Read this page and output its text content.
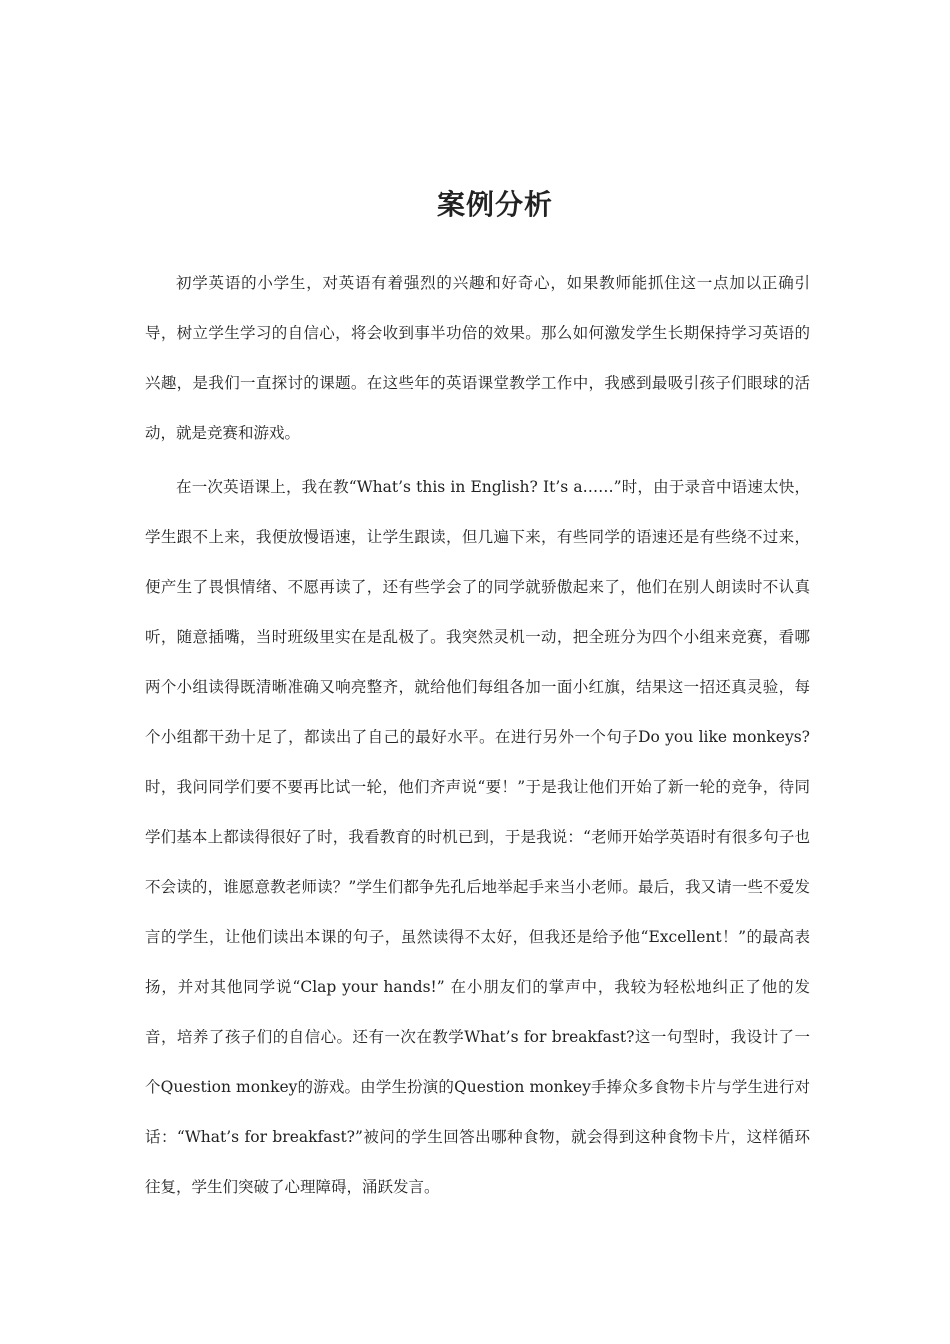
案例分析

初学英语的小学生，对英语有着强烈的兴趣和好奇心，如果教师能抓住这一点加以正确引导，树立学生学习的自信心，将会收到事半功倍的效果。那么如何激发学生长期保持学习英语的兴趣，是我们一直探讨的课题。在这些年的英语课堂教学工作中，我感到最吸引孩子们眼球的活动，就是竞赛和游戏。

在一次英语课上，我在教“What’s this in English? It’s a……”时，由于录音中语速太快，学生跟不上来，我便放慢语速，让学生跟读，但几遍下来，有些同学的语速还是有些绕不过来，便产生了畏惧情绪、不愿再读了，还有些学会了的同学就骄傲起来了，他们在别人朗读时不认真听，随意插嘴，当时班级里实在是乱极了。我突然灵机一动，把全班分为四个小组来竞赛，看哪两个小组读得既清晰准确又响亮整齐，就给他们每组各加一面小红旗，结果这一招还真灵验，每个小组都干劲十足了，都读出了自己的最好水平。在进行另外一个句子Do you like monkeys?时，我问同学们要不要再比试一轮，他们齐声说“要！”于是我让他们开始了新一轮的竞争，待同学们基本上都读得很好了时，我看教育的时机已到，于是我说：“老师开始学英语时有很多句子也不会读的，谁愿意教老师读？”学生们都争先孔后地举起手来当小老师。最后，我又请一些不爱发言的学生，让他们读出本课的句子，虽然读得不太好，但我还是给予他“Excellent！”的最高表扬，并对其他同学说“Clap your hands!” 在小朋友们的掌声中，我较为轻松地纠正了他的发音，培养了孩子们的自信心。还有一次在教学What’s for breakfast?这一句型时，我设计了一个Question monkey的游戏。由学生扮演的Question monkey手捧众多食物卡片与学生进行对话：“What’s for breakfast?”被问的学生回答出哪种食物，就会得到这种食物卡片，这样循环往复，学生们突破了心理障碍，涌跃发言。
